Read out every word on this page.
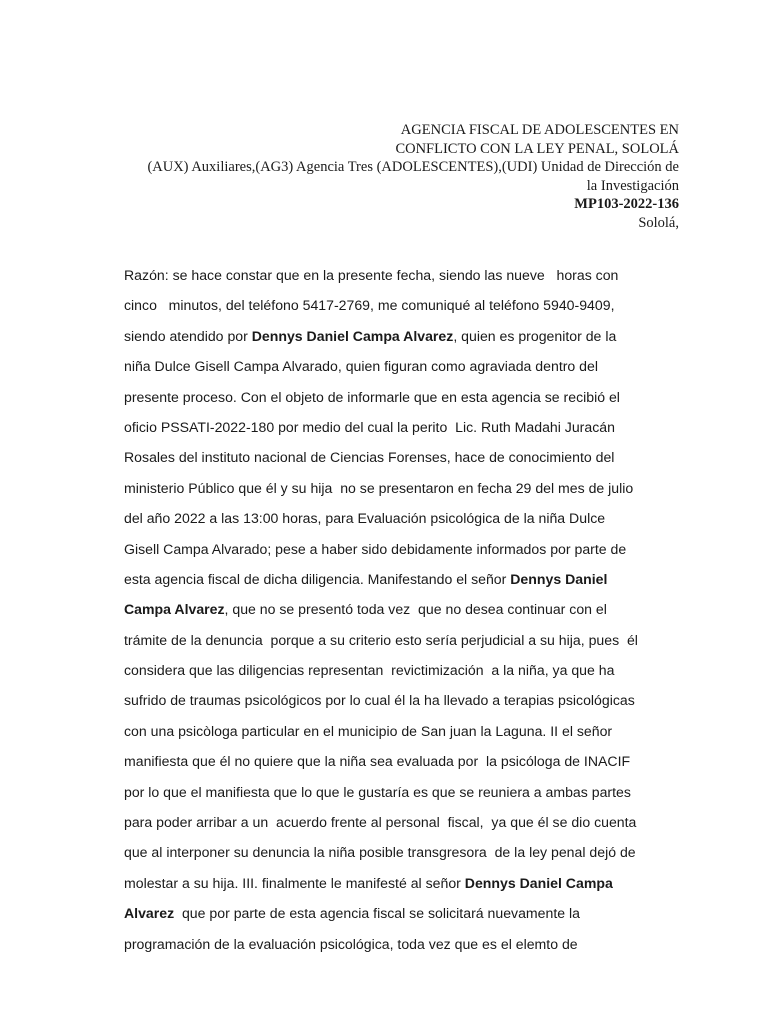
AGENCIA FISCAL DE ADOLESCENTES EN
CONFLICTO CON LA LEY PENAL, SOLOLÁ
(AUX) Auxiliares,(AG3) Agencia Tres (ADOLESCENTES),(UDI) Unidad de Dirección de
la Investigación
MP103-2022-136
Sololá,
Razón: se hace constar que en la presente fecha, siendo las nueve   horas con
cinco   minutos, del teléfono 5417-2769, me comuniqué al teléfono 5940-9409,
siendo atendido por Dennys Daniel Campa Alvarez, quien es progenitor de la
niña Dulce Gisell Campa Alvarado, quien figuran como agraviada dentro del
presente proceso. Con el objeto de informarle que en esta agencia se recibió el
oficio PSSATI-2022-180 por medio del cual la perito  Lic. Ruth Madahi Juracán
Rosales del instituto nacional de Ciencias Forenses, hace de conocimiento del
ministerio Público que él y su hija  no se presentaron en fecha 29 del mes de julio
del año 2022 a las 13:00 horas, para Evaluación psicológica de la niña Dulce
Gisell Campa Alvarado; pese a haber sido debidamente informados por parte de
esta agencia fiscal de dicha diligencia. Manifestando el señor Dennys Daniel
Campa Alvarez, que no se presentó toda vez  que no desea continuar con el
trámite de la denuncia  porque a su criterio esto sería perjudicial a su hija, pues  él
considera que las diligencias representan  revictimización  a la niña, ya que ha
sufrido de traumas psicológicos por lo cual él la ha llevado a terapias psicológicas
con una psicòloga particular en el municipio de San juan la Laguna. II el señor
manifiesta que él no quiere que la niña sea evaluada por  la psicóloga de INACIF
por lo que el manifiesta que lo que le gustaría es que se reuniera a ambas partes
para poder arribar a un  acuerdo frente al personal  fiscal,  ya que él se dio cuenta
que al interponer su denuncia la niña posible transgresora  de la ley penal dejó de
molestar a su hija. III. finalmente le manifesté al señor Dennys Daniel Campa
Alvarez  que por parte de esta agencia fiscal se solicitará nuevamente la
programación de la evaluación psicológica, toda vez que es el elemto de
